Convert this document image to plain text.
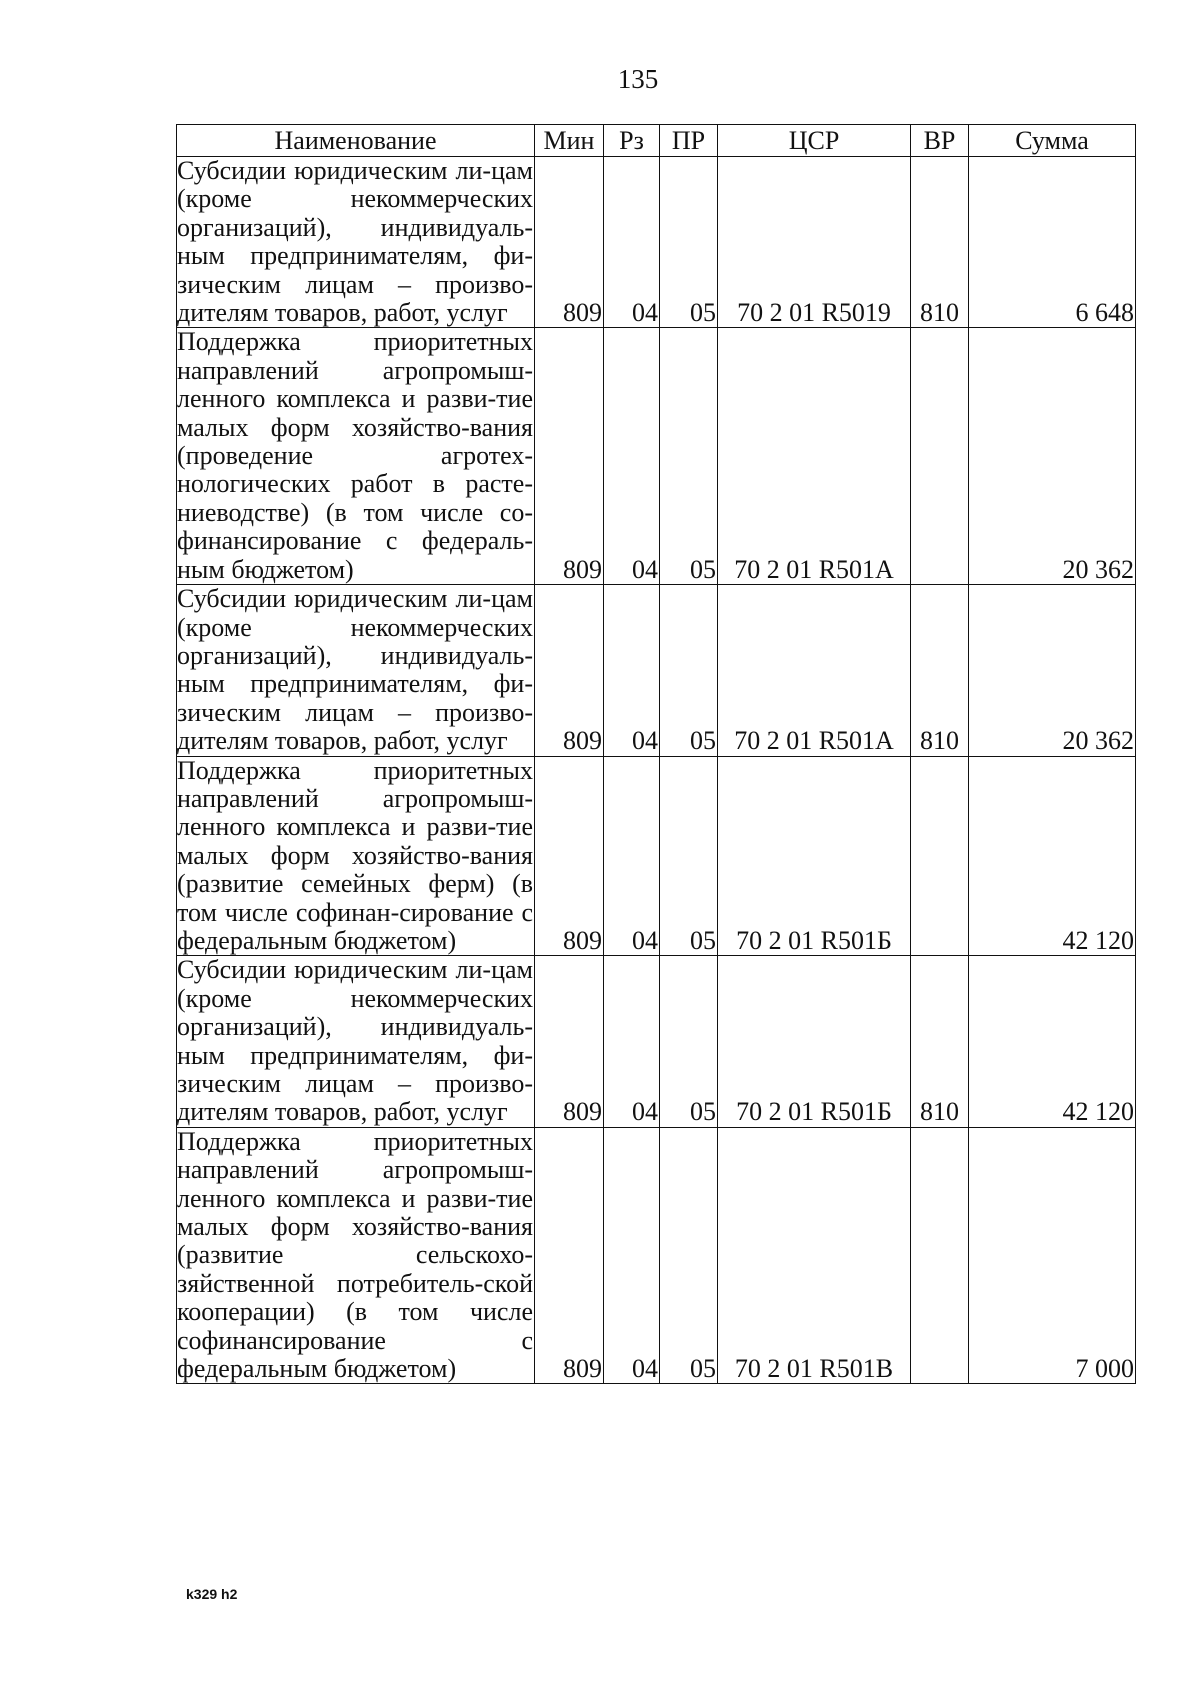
135
Наименование	Мин	Рз	ПР	ЦСР	ВР	Сумма
Субсидии юридическим ли-цам (кроме некоммерческих организаций), индивидуаль-ным предпринимателям, фи-зическим лицам – произво-дителям товаров, работ, услуг	809	04	05	70 2 01 R5019	810	6 648
Поддержка приоритетных направлений агропромыш-ленного комплекса и разви-тие малых форм хозяйство-вания (проведение агротех-нологических работ в расте-ниеводстве) (в том числе со-финансирование с федераль-ным бюджетом)	809	04	05	70 2 01 R501А		20 362
Субсидии юридическим ли-цам (кроме некоммерческих организаций), индивидуаль-ным предпринимателям, фи-зическим лицам – произво-дителям товаров, работ, услуг	809	04	05	70 2 01 R501А	810	20 362
Поддержка приоритетных направлений агропромыш-ленного комплекса и разви-тие малых форм хозяйство-вания (развитие семейных ферм) (в том числе софинан-сирование с федеральным бюджетом)	809	04	05	70 2 01 R501Б		42 120
Субсидии юридическим ли-цам (кроме некоммерческих организаций), индивидуаль-ным предпринимателям, фи-зическим лицам – произво-дителям товаров, работ, услуг	809	04	05	70 2 01 R501Б	810	42 120
Поддержка приоритетных направлений агропромыш-ленного комплекса и разви-тие малых форм хозяйство-вания (развитие сельскохо-зяйственной потребитель-ской кооперации) (в том числе софинансирование с федеральным бюджетом)	809	04	05	70 2 01 R501В		7 000
k329 h2
